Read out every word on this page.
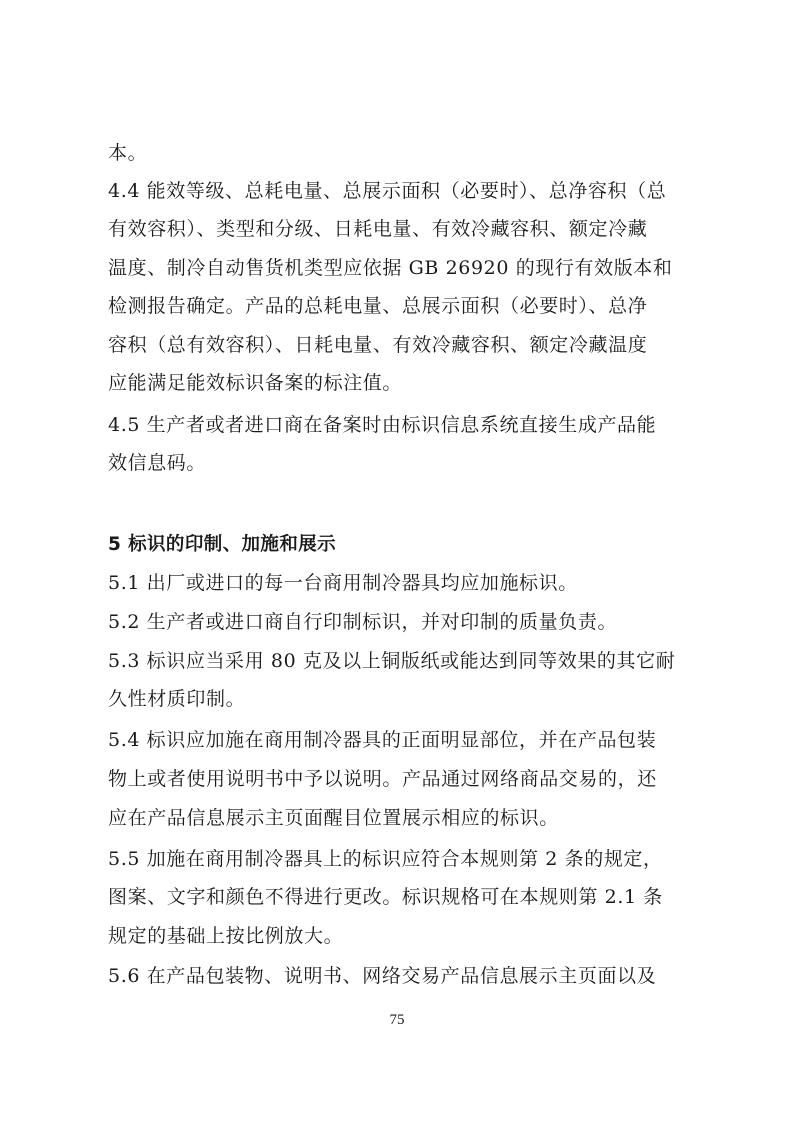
本。
4.4 能效等级、总耗电量、总展示面积（必要时）、总净容积（总
有效容积）、类型和分级、日耗电量、有效冷藏容积、额定冷藏
温度、制冷自动售货机类型应依据 GB 26920 的现行有效版本和
检测报告确定。产品的总耗电量、总展示面积（必要时）、总净
容积（总有效容积）、日耗电量、有效冷藏容积、额定冷藏温度
应能满足能效标识备案的标注值。
4.5 生产者或者进口商在备案时由标识信息系统直接生成产品能
效信息码。
5 标识的印制、加施和展示
5.1 出厂或进口的每一台商用制冷器具均应加施标识。
5.2 生产者或进口商自行印制标识，并对印制的质量负责。
5.3 标识应当采用 80 克及以上铜版纸或能达到同等效果的其它耐
久性材质印制。
5.4 标识应加施在商用制冷器具的正面明显部位，并在产品包装
物上或者使用说明书中予以说明。产品通过网络商品交易的，还
应在产品信息展示主页面醒目位置展示相应的标识。
5.5 加施在商用制冷器具上的标识应符合本规则第 2 条的规定，
图案、文字和颜色不得进行更改。标识规格可在本规则第 2.1 条
规定的基础上按比例放大。
5.6 在产品包装物、说明书、网络交易产品信息展示主页面以及
75
